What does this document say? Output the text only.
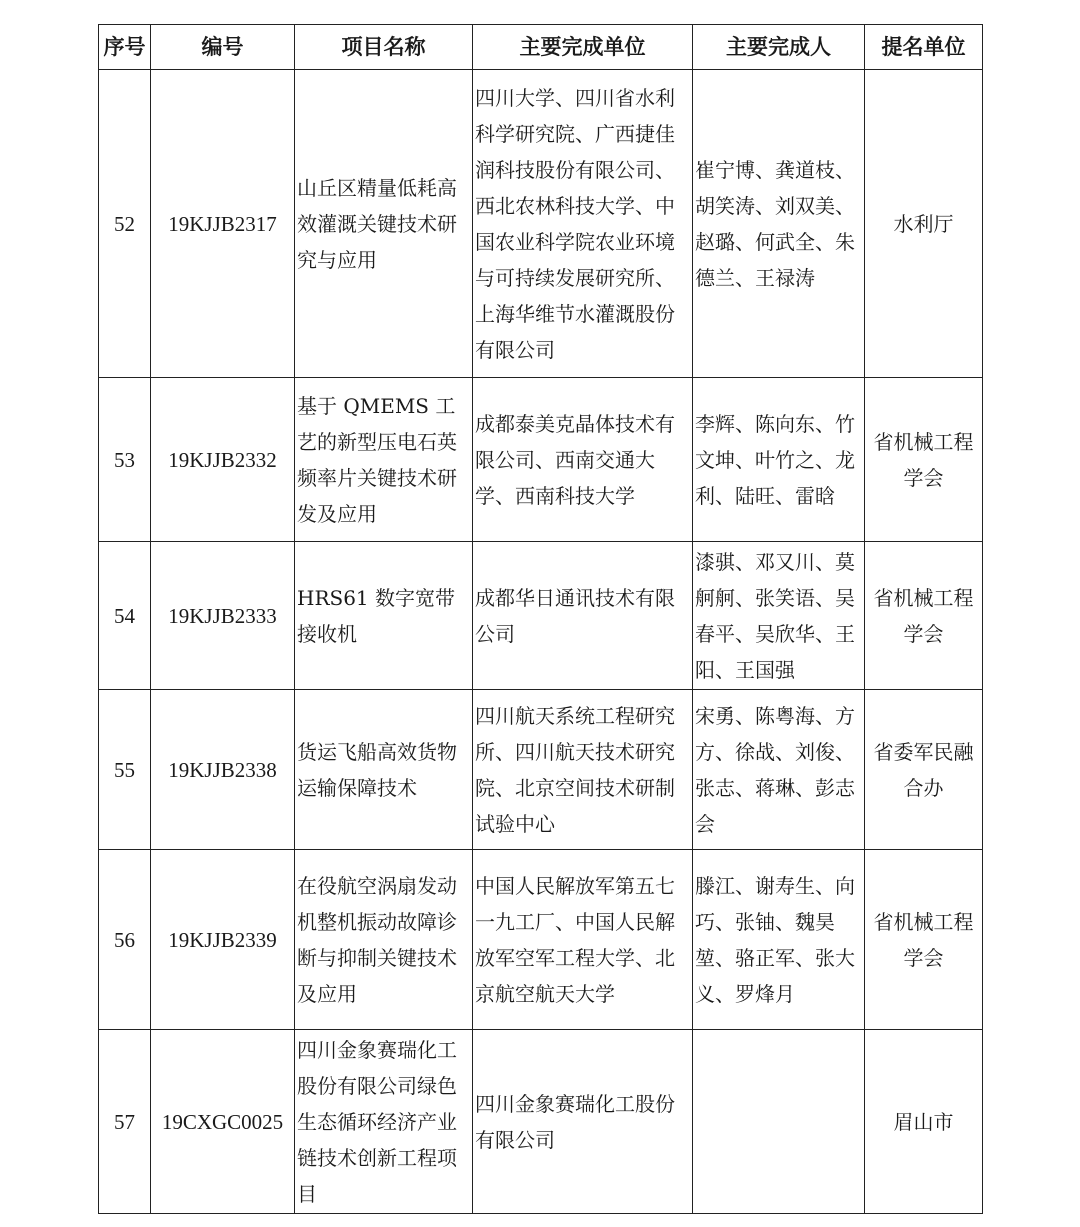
序号	编号	项目名称	主要完成单位	主要完成人	提名单位
52	19KJJB2317	山丘区精量低耗高效灌溉关键技术研究与应用	四川大学、四川省水利科学研究院、广西捷佳润科技股份有限公司、西北农林科技大学、中国农业科学院农业环境与可持续发展研究所、上海华维节水灌溉股份有限公司	崔宁博、龚道枝、胡笑涛、刘双美、赵璐、何武全、朱德兰、王禄涛	水利厅
53	19KJJB2332	基于 QMEMS 工艺的新型压电石英频率片关键技术研发及应用	成都泰美克晶体技术有限公司、西南交通大学、西南科技大学	李辉、陈向东、竹文坤、叶竹之、龙利、陆旺、雷晗	省机械工程学会
54	19KJJB2333	HRS61 数字宽带接收机	成都华日通讯技术有限公司	漆骐、邓又川、莫舸舸、张笑语、吴春平、吴欣华、王阳、王国强	省机械工程学会
55	19KJJB2338	货运飞船高效货物运输保障技术	四川航天系统工程研究所、四川航天技术研究院、北京空间技术研制试验中心	宋勇、陈粤海、方方、徐战、刘俊、张志、蒋琳、彭志会	省委军民融合办
56	19KJJB2339	在役航空涡扇发动机整机振动故障诊断与抑制关键技术及应用	中国人民解放军第五七一九工厂、中国人民解放军空军工程大学、北京航空航天大学	滕江、谢寿生、向巧、张铀、魏昊堃、骆正军、张大义、罗烽月	省机械工程学会
57	19CXGC0025	四川金象赛瑞化工股份有限公司绿色生态循环经济产业链技术创新工程项目	四川金象赛瑞化工股份有限公司		眉山市
